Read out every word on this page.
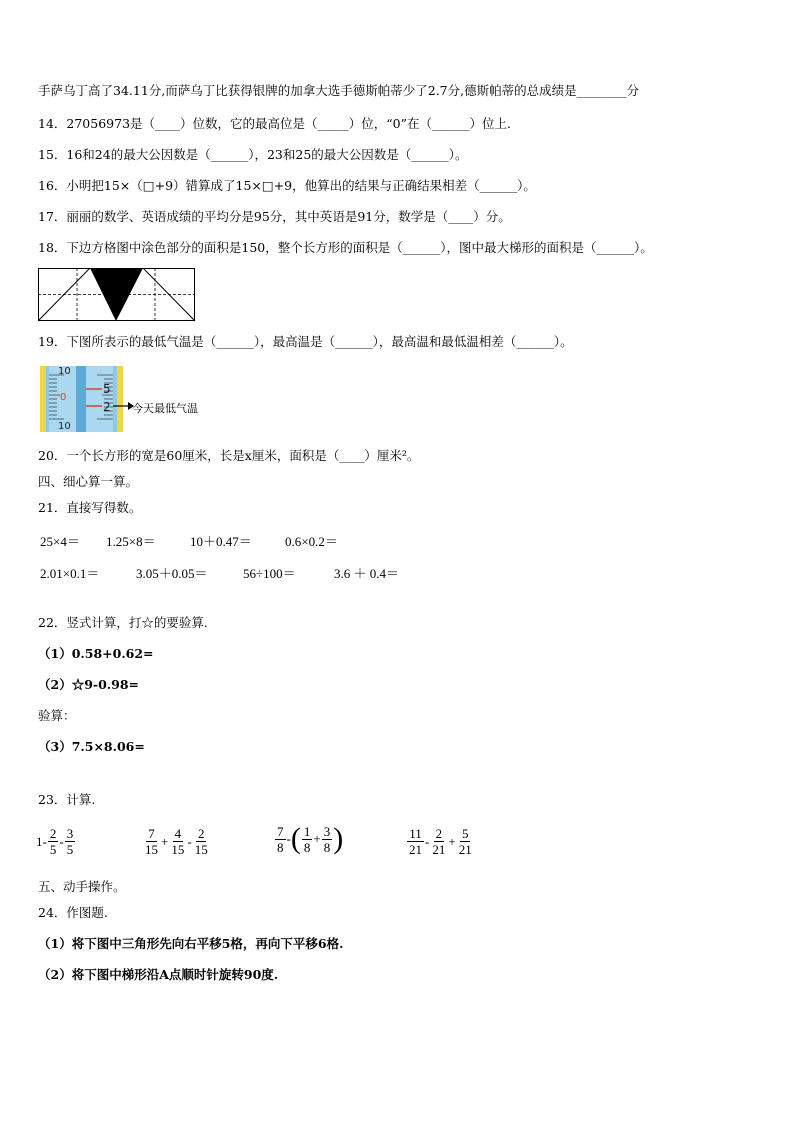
手萨乌丁高了34.11分,而萨乌丁比获得银牌的加拿大选手德斯帕蒂少了2.7分,德斯帕蒂的总成绩是________分
14．27056973是（____）位数，它的最高位是（_____）位，“0”在（______）位上.
15．16和24的最大公因数是（______），23和25的最大公因数是（______）。
16．小明把15×（□+9）错算成了15×□+9，他算出的结果与正确结果相差（______）。
17．丽丽的数学、英语成绩的平均分是95分，其中英语是91分，数学是（____）分。
18．下边方格图中涂色部分的面积是150，整个长方形的面积是（______），图中最大梯形的面积是（______）。
19．下图所表示的最低气温是（______），最高温是（______），最高温和最低温相差（______）。
10
0
10
5
2 今天最低气温
20．一个长方形的宽是60厘米，长是x厘米，面积是（____）厘米²。
四、细心算一算。
21．直接写得数。
25×4＝ 1.25×8＝	10＋0.47＝	0.6×0.2＝
2.01×0.1＝	3.05＋0.05＝	56÷100＝	3.6 ＋ 0.4＝
22．竖式计算，打☆的要验算.
（1）0.58+0.62=
（2）☆9-0.98=
验算：
（3）7.5×8.06=
23．计算.
$1- \frac{2}{5} - \frac{3}{5}$	$\frac{7}{15} + \frac{4}{15} - \frac{2}{15}$	$\frac{7}{8}$ - ( $\frac{1}{8} + \frac{3}{8}$ )	$\frac{11}{21} - \frac{2}{21} + \frac{5}{21}$
五、动手操作。
24．作图题.
（1）将下图中三角形先向右平移5格，再向下平移6格.
（2）将下图中梯形沿A点顺时针旋转90度.
